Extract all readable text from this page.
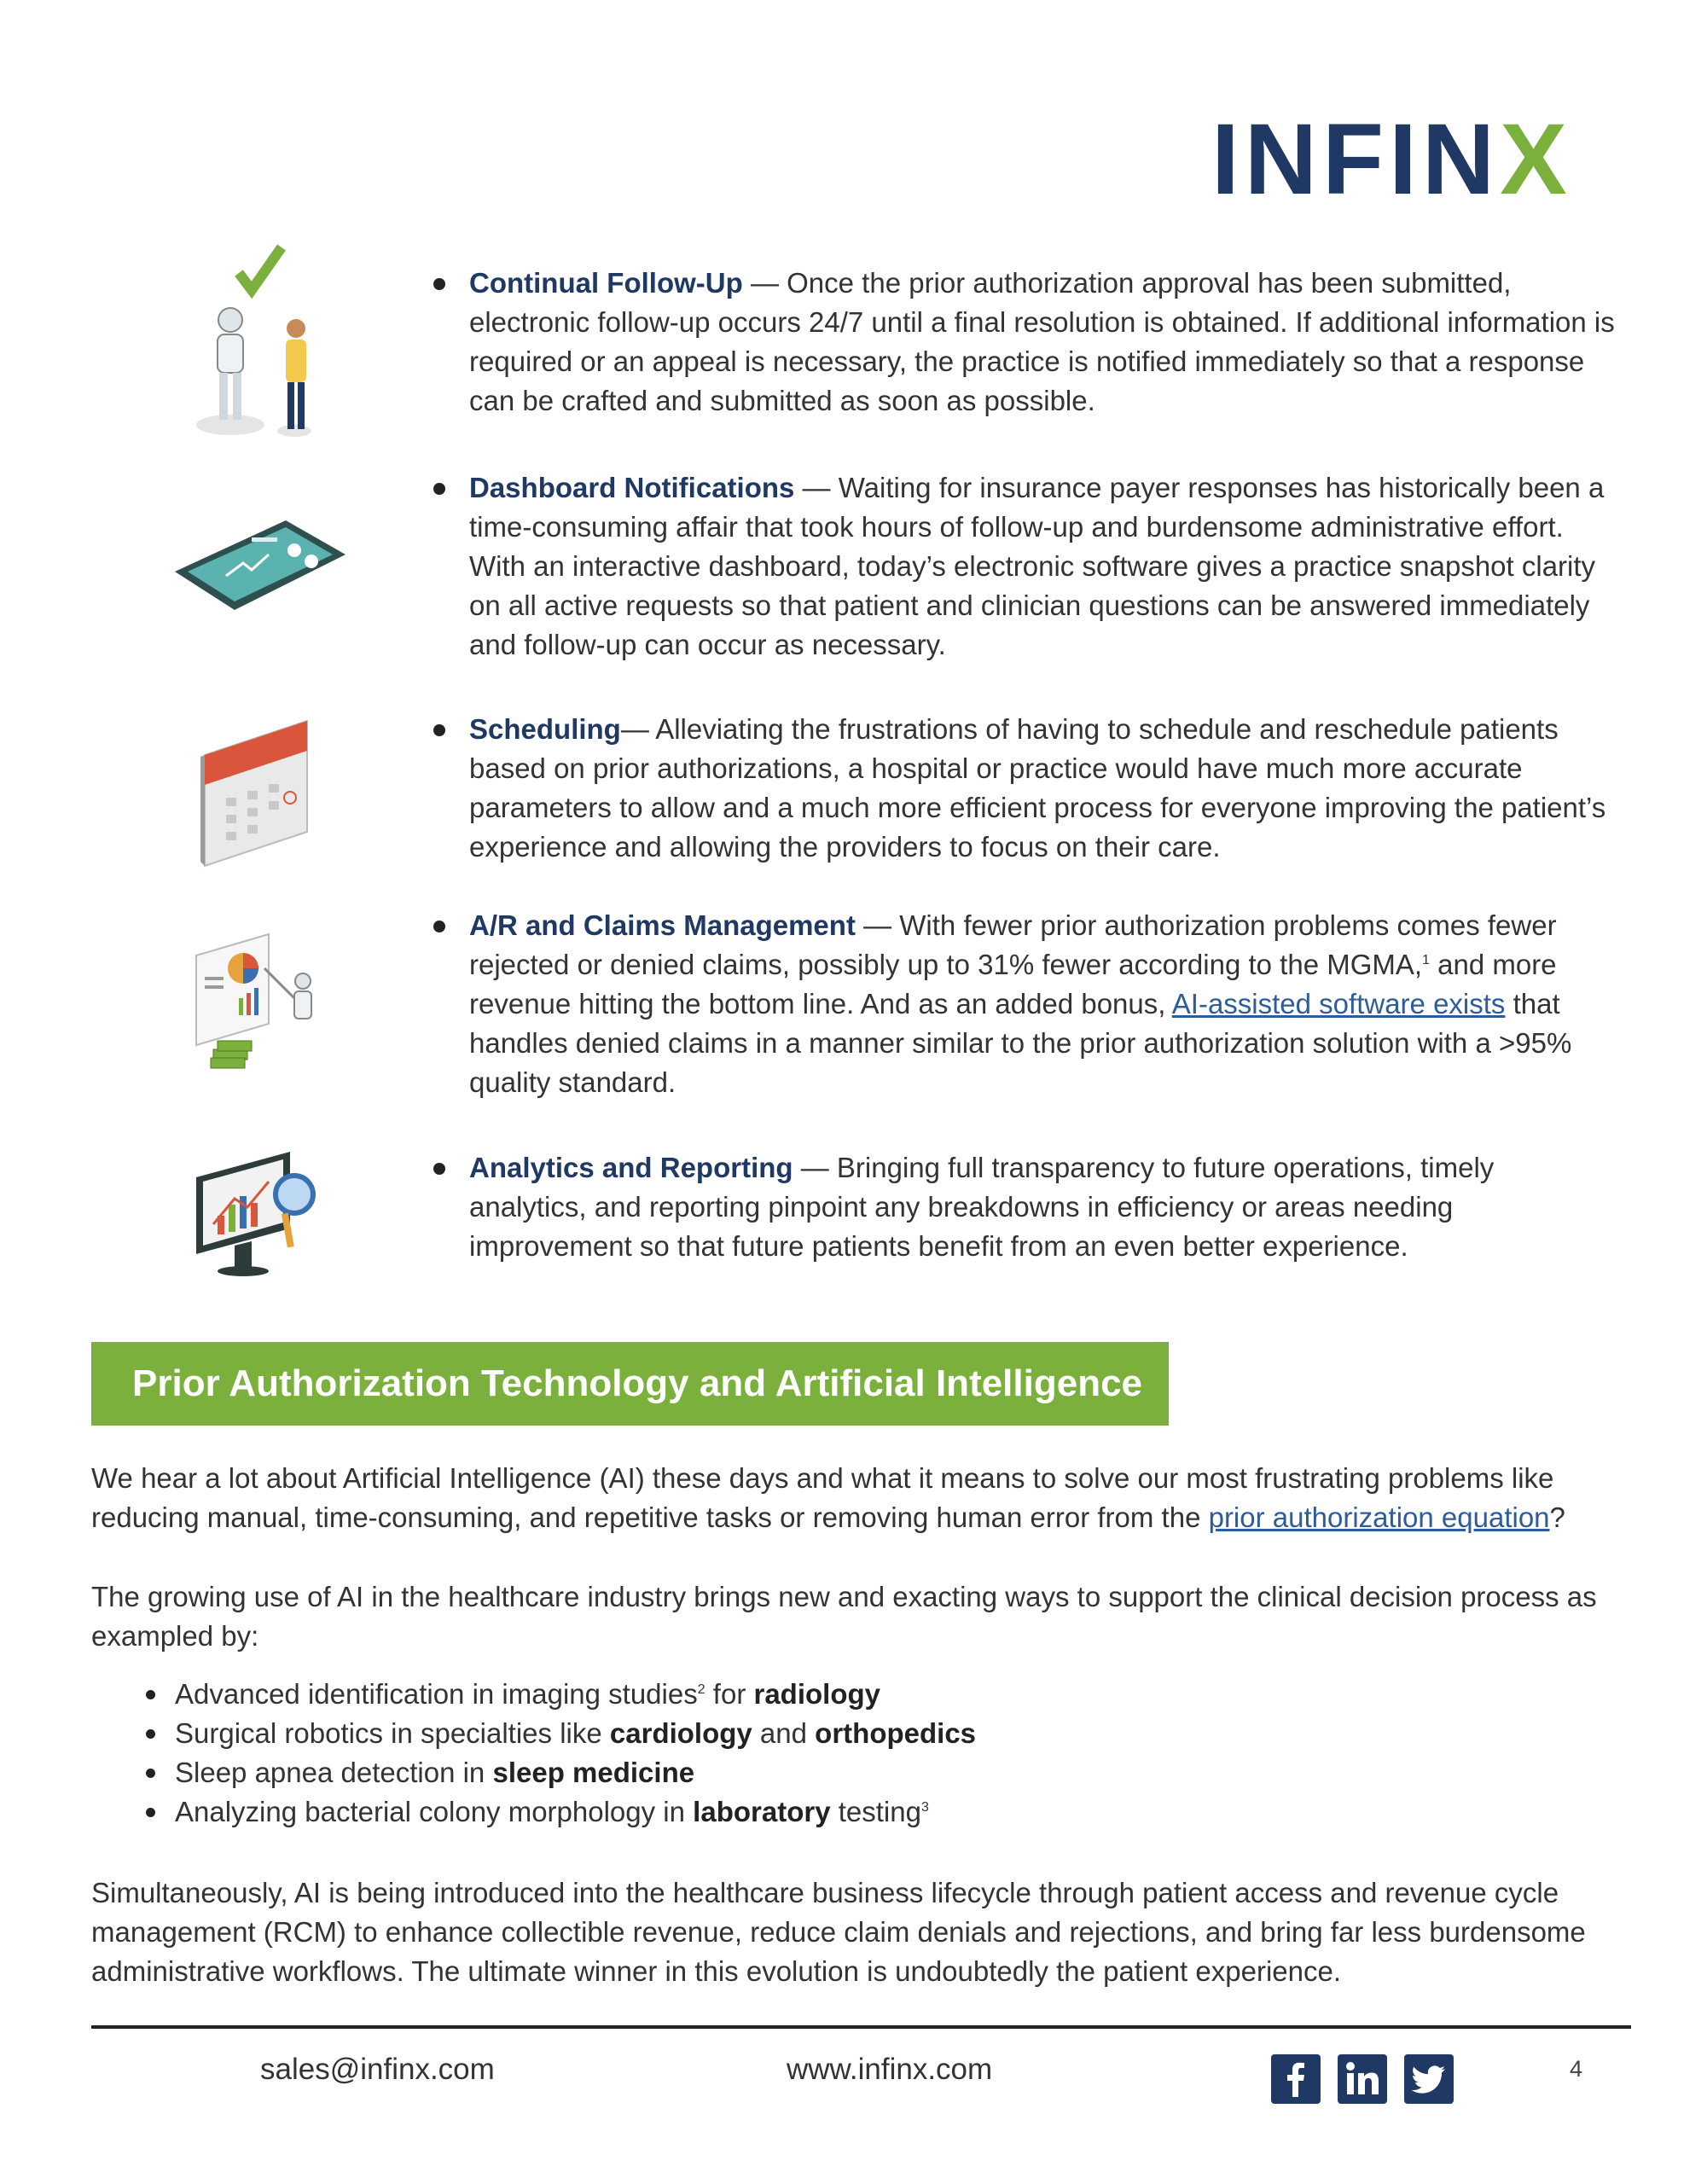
INFINX
Continual Follow-Up — Once the prior authorization approval has been submitted, electronic follow-up occurs 24/7 until a final resolution is obtained. If additional information is required or an appeal is necessary, the practice is notified immediately so that a response can be crafted and submitted as soon as possible.
Dashboard Notifications — Waiting for insurance payer responses has historically been a time-consuming affair that took hours of follow-up and burdensome administrative effort. With an interactive dashboard, today’s electronic software gives a practice snapshot clarity on all active requests so that patient and clinician questions can be answered immediately and follow-up can occur as necessary.
Scheduling— Alleviating the frustrations of having to schedule and reschedule patients based on prior authorizations, a hospital or practice would have much more accurate parameters to allow and a much more efficient process for everyone improving the patient’s experience and allowing the providers to focus on their care.
A/R and Claims Management — With fewer prior authorization problems comes fewer rejected or denied claims, possibly up to 31% fewer according to the MGMA,$^1$ and more revenue hitting the bottom line. And as an added bonus, AI-assisted software exists that handles denied claims in a manner similar to the prior authorization solution with a >95% quality standard.
Analytics and Reporting — Bringing full transparency to future operations, timely analytics, and reporting pinpoint any breakdowns in efficiency or areas needing improvement so that future patients benefit from an even better experience.
Prior Authorization Technology and Artificial Intelligence
We hear a lot about Artificial Intelligence (AI) these days and what it means to solve our most frustrating problems like reducing manual, time-consuming, and repetitive tasks or removing human error from the prior authorization equation?
The growing use of AI in the healthcare industry brings new and exacting ways to support the clinical decision process as exampled by:
Advanced identification in imaging studies$^2$ for radiology
Surgical robotics in specialties like cardiology and orthopedics
Sleep apnea detection in sleep medicine
Analyzing bacterial colony morphology in laboratory testing$^3$
Simultaneously, AI is being introduced into the healthcare business lifecycle through patient access and revenue cycle management (RCM) to enhance collectible revenue, reduce claim denials and rejections, and bring far less burdensome administrative workflows. The ultimate winner in this evolution is undoubtedly the patient experience.
sales@infinx.com	www.infinx.com	4
